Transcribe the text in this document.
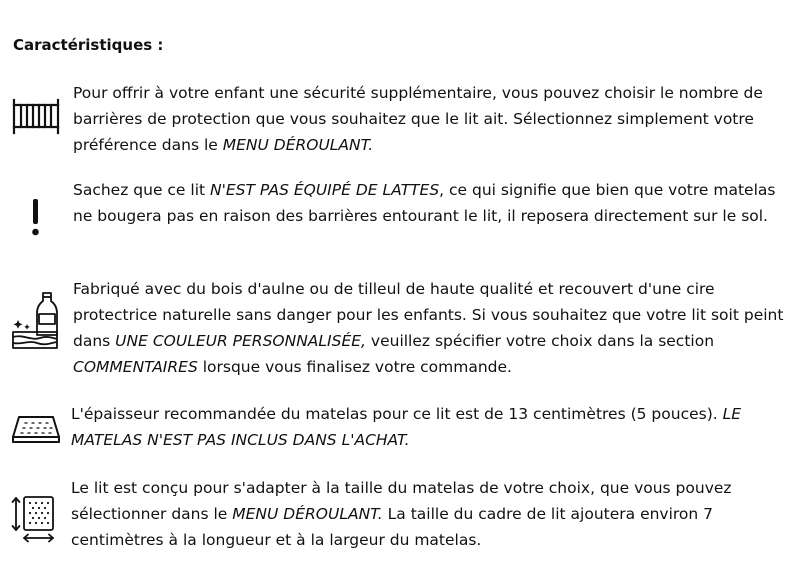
Caractéristiques :

Pour offrir à votre enfant une sécurité supplémentaire, vous pouvez choisir le nombre de barrières de protection que vous souhaitez que le lit ait. Sélectionnez simplement votre préférence dans le MENU DÉROULANT.

Sachez que ce lit N'EST PAS ÉQUIPÉ DE LATTES, ce qui signifie que bien que votre matelas ne bougera pas en raison des barrières entourant le lit, il reposera directement sur le sol.

Fabriqué avec du bois d'aulne ou de tilleul de haute qualité et recouvert d'une cire protectrice naturelle sans danger pour les enfants. Si vous souhaitez que votre lit soit peint dans UNE COULEUR PERSONNALISÉE, veuillez spécifier votre choix dans la section COMMENTAIRES lorsque vous finalisez votre commande.

L'épaisseur recommandée du matelas pour ce lit est de 13 centimètres (5 pouces). LE MATELAS N'EST PAS INCLUS DANS L'ACHAT.

Le lit est conçu pour s'adapter à la taille du matelas de votre choix, que vous pouvez sélectionner dans le MENU DÉROULANT. La taille du cadre de lit ajoutera environ 7 centimètres à la longueur et à la largeur du matelas.
